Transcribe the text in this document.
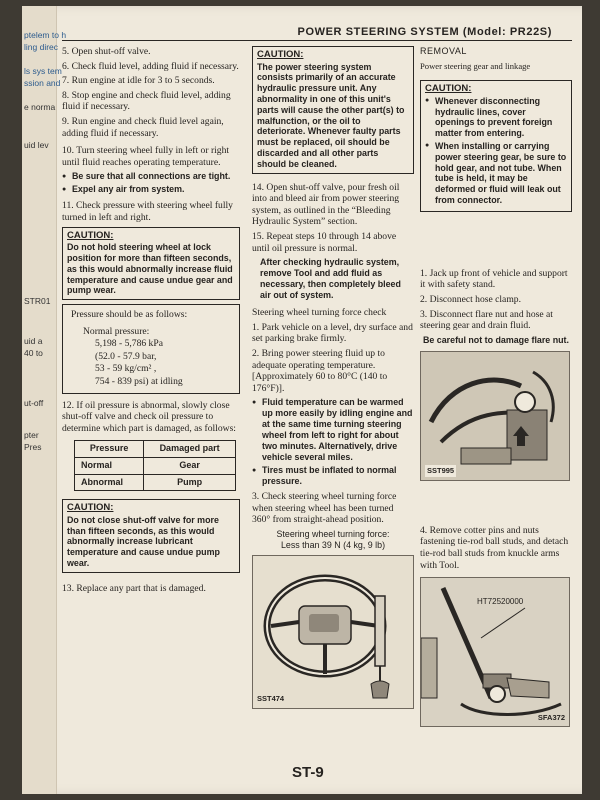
ptelem to h
ling direc
ls sys tem
ssion and
e norma
uid lev
STR01
uid a
40 to
ut-off
pter
Pres
POWER STEERING SYSTEM (Model: PR22S)

5. Open shut-off valve.

6. Check fluid level, adding fluid if necessary.

7. Run engine at idle for 3 to 5 seconds.

8. Stop engine and check fluid level, adding fluid if necessary.

9. Run engine and check fluid level again, adding fluid if necessary.

10. Turn steering wheel fully in left or right until fluid reaches operating temperature.

● Be sure that all connections are tight.
● Expel any air from system.

11. Check pressure with steering wheel fully turned in left and right.

CAUTION:
Do not hold steering wheel at lock position for more than fifteen seconds, as this would abnormally increase fluid temperature and cause undue gear and pump wear.

Pressure should be as follows:

Normal pressure:

5,198 - 5,786 kPa

(52.0 - 57.9 bar,

53 - 59 kg/cm² ,

754 - 839 psi) at idling

12. If oil pressure is abnormal, slowly close shut-off valve and check oil pressure to determine which part is damaged, as follows:

Pressure	Damaged part
Normal	Gear
Abnormal	Pump
CAUTION:
Do not close shut-off valve for more than fifteen seconds, as this would abnormally increase lubricant temperature and cause undue pump wear.

13. Replace any part that is damaged.

CAUTION:
The power steering system consists primarily of an accurate hydraulic pressure unit. Any abnormality in one of this unit's parts will cause the other part(s) to malfunction, or the oil to deteriorate. Whenever faulty parts must be replaced, oil should be discarded and all other parts should be cleaned.

14. Open shut-off valve, pour fresh oil into and bleed air from power steering system, as outlined in the “Bleeding Hydraulic System” section.

15. Repeat steps 10 through 14 above until oil pressure is normal.

After checking hydraulic system, remove Tool and add fluid as necessary, then completely bleed air out of system.

Steering wheel turning force check

1. Park vehicle on a level, dry surface and set parking brake firmly.

2. Bring power steering fluid up to adequate operating temperature. [Approximately 60 to 80°C (140 to 176°F)].

● Fluid temperature can be warmed up more easily by idling engine and at the same time turning steering wheel from left to right for about two minutes. Alternatively, drive vehicle several miles.
● Tires must be inflated to normal pressure.

3. Check steering wheel turning force when steering wheel has been turned 360° from straight-ahead position.

Steering wheel turning force:
Less than 39 N (4 kg, 9 lb)
SST474
REMOVAL

Power steering gear and linkage

CAUTION:
● Whenever disconnecting hydraulic lines, cover openings to prevent foreign matter from entering.
● When installing or carrying power steering gear, be sure to hold gear, and not tube. When tube is held, it may be deformed or fluid will leak out from connector.

1. Jack up front of vehicle and support it with safety stand.

2. Disconnect hose clamp.

3. Disconnect flare nut and hose at steering gear and drain fluid.

Be careful not to damage flare nut.

SST995

4. Remove cotter pins and nuts fastening tie-rod ball studs, and detach tie-rod ball studs from knuckle arms with Tool.

HT72520000
SFA372
ST-9
